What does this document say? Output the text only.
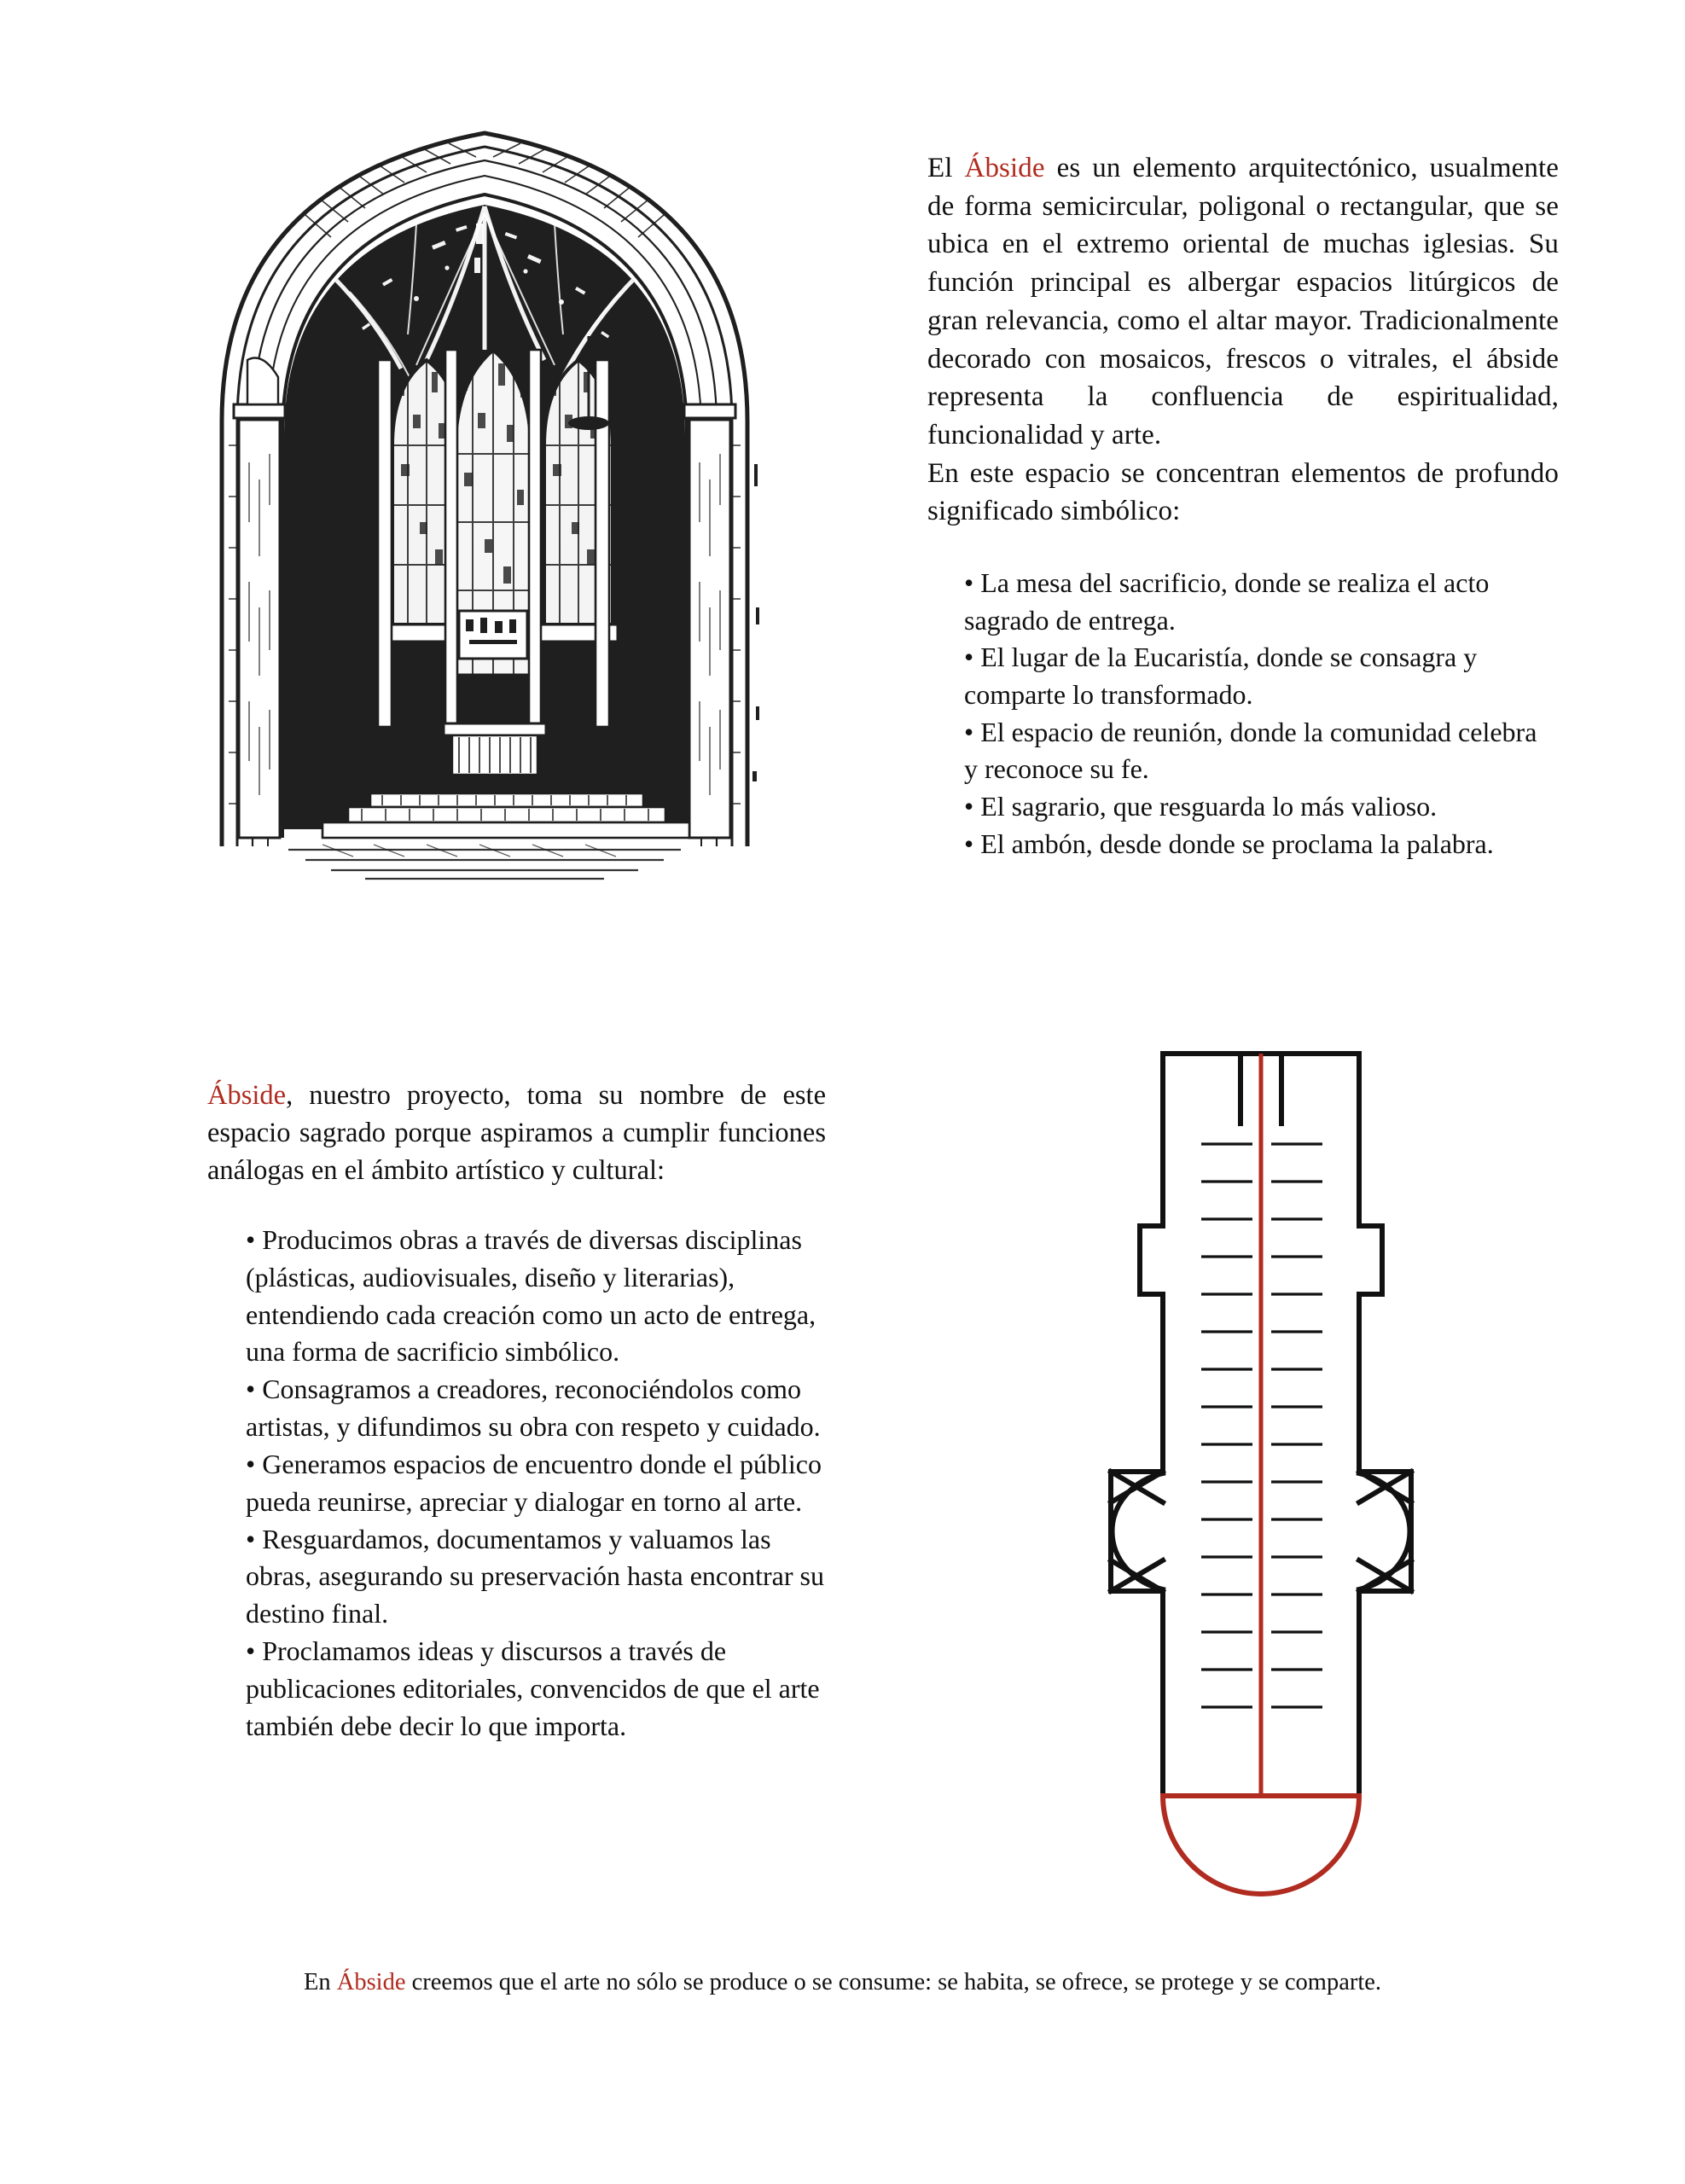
El Ábside es un elemento arquitectónico, usualmente de forma semicircular, poligonal o rectangular, que se ubica en el extremo oriental de muchas iglesias. Su función principal es albergar espacios litúrgicos de gran relevancia, como el altar mayor. Tradicionalmente decorado con mosaicos, frescos o vitrales, el ábside representa la confluencia de espiritualidad, funcionalidad y arte.

En este espacio se concentran elementos de profundo significado simbólico:

• La mesa del sacrificio, donde se realiza el acto sagrado de entrega.

• El lugar de la Eucaristía, donde se consagra y comparte lo transformado.

• El espacio de reunión, donde la comunidad celebra y reconoce su fe.

• El sagrario, que resguarda lo más valioso.

• El ambón, desde donde se proclama la palabra.

Ábside, nuestro proyecto, toma su nombre de este espacio sagrado porque aspiramos a cumplir funciones análogas en el ámbito artístico y cultural:

• Producimos obras a través de diversas disciplinas (plásticas, audiovisuales, diseño y literarias), entendiendo cada creación como un acto de entrega, una forma de sacrificio simbólico.

• Consagramos a creadores, reconociéndolos como artistas, y difundimos su obra con respeto y cuidado.

• Generamos espacios de encuentro donde el público pueda reunirse, apreciar y dialogar en torno al arte.

• Resguardamos, documentamos y valuamos las obras, asegurando su preservación hasta encontrar su destino final.

• Proclamamos ideas y discursos a través de publicaciones editoriales, convencidos de que el arte también debe decir lo que importa.

En Ábside creemos que el arte no sólo se produce o se consume: se habita, se ofrece, se protege y se comparte.
